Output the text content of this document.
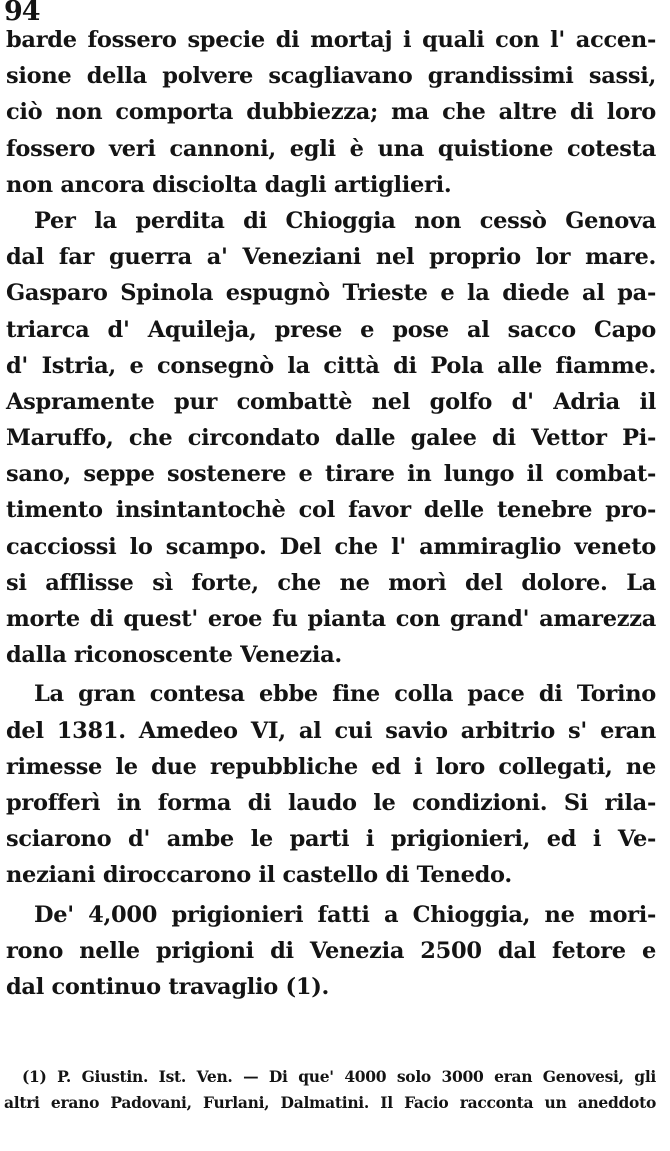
94
barde fossero specie di mortaj i quali con l' accen-
sione della polvere scagliavano grandissimi sassi,
ciò non comporta dubbiezza; ma che altre di loro
fossero veri cannoni, egli è una quistione cotesta
non ancora disciolta dagli artiglieri.
Per la perdita di Chioggia non cessò Genova
dal far guerra a' Veneziani nel proprio lor mare.
Gasparo Spinola espugnò Trieste e la diede al pa-
triarca d' Aquileja, prese e pose al sacco Capo
d' Istria, e consegnò la città di Pola alle fiamme.
Aspramente pur combattè nel golfo d' Adria il
Maruffo, che circondato dalle galee di Vettor Pi-
sano, seppe sostenere e tirare in lungo il combat-
timento insintantochè col favor delle tenebre pro-
cacciossi lo scampo. Del che l' ammiraglio veneto
si afflisse sì forte, che ne morì del dolore. La
morte di quest' eroe fu pianta con grand' amarezza
dalla riconoscente Venezia.
La gran contesa ebbe fine colla pace di Torino
del 1381. Amedeo VI, al cui savio arbitrio s' eran
rimesse le due repubbliche ed i loro collegati, ne
profferì in forma di laudo le condizioni. Si rila-
sciarono d' ambe le parti i prigionieri, ed i Ve-
neziani diroccarono il castello di Tenedo.
De' 4,000 prigionieri fatti a Chioggia, ne mori-
rono nelle prigioni di Venezia 2500 dal fetore e
dal continuo travaglio (1).
(1) P. Giustin. Ist. Ven. — Di que' 4000 solo 3000 eran Genovesi, gli
altri erano Padovani, Furlani, Dalmatini. Il Facio racconta un aneddoto
